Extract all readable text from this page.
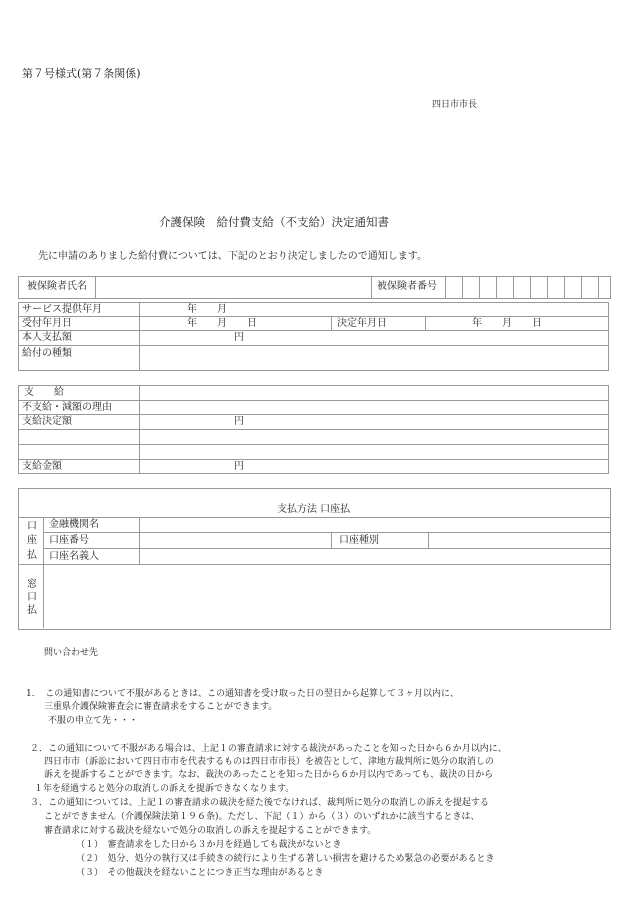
第７号様式(第７条関係)
四日市市長
介護保険　給付費支給（不支給）決定通知書
先に申請のありました給付費については、下記のとおり決定しましたので通知します。
被保険者氏名	被保険者番号
サービス提供年月	年　　月
受付年月日	年　　月　　日	決定年月日	年　　月　　日
本人支払額	円
給付の種類
支　　給
不支給・減額の理由
支給決定額	円
支給金額	円
支払方法 口座払
口
座
払
金融機関名
口座番号	口座種別
口座名義人
窓
口
払
問い合わせ先
1．　この通知書について不服があるときは、この通知書を受け取った日の翌日から起算して３ヶ月以内に、
三重県介護保険審査会に審査請求をすることができます。
不服の申立て先・・・
２．この通知について不服がある場合は、上記１の審査請求に対する裁決があったことを知った日から６か月以内に、
四日市市（訴訟において四日市市を代表するものは四日市市長）を被告として、津地方裁判所に処分の取消しの
訴えを提訴することができます。なお、裁決のあったことを知った日から６か月以内であっても、裁決の日から
１年を経過すると処分の取消しの訴えを提訴できなくなります。
３．この通知については、上記１の審査請求の裁決を経た後でなければ、裁判所に処分の取消しの訴えを提起する
ことができません（介護保険法第１９６条)。ただし、下記（１）から（３）のいずれかに該当するときは、
審査請求に対する裁決を経ないで処分の取消しの訴えを提起することができます。
（１）　審査請求をした日から３か月を経過しても裁決がないとき
（２）　処分、処分の執行又は手続きの続行により生ずる著しい損害を避けるため緊急の必要があるとき
（３）　その他裁決を経ないことにつき正当な理由があるとき
